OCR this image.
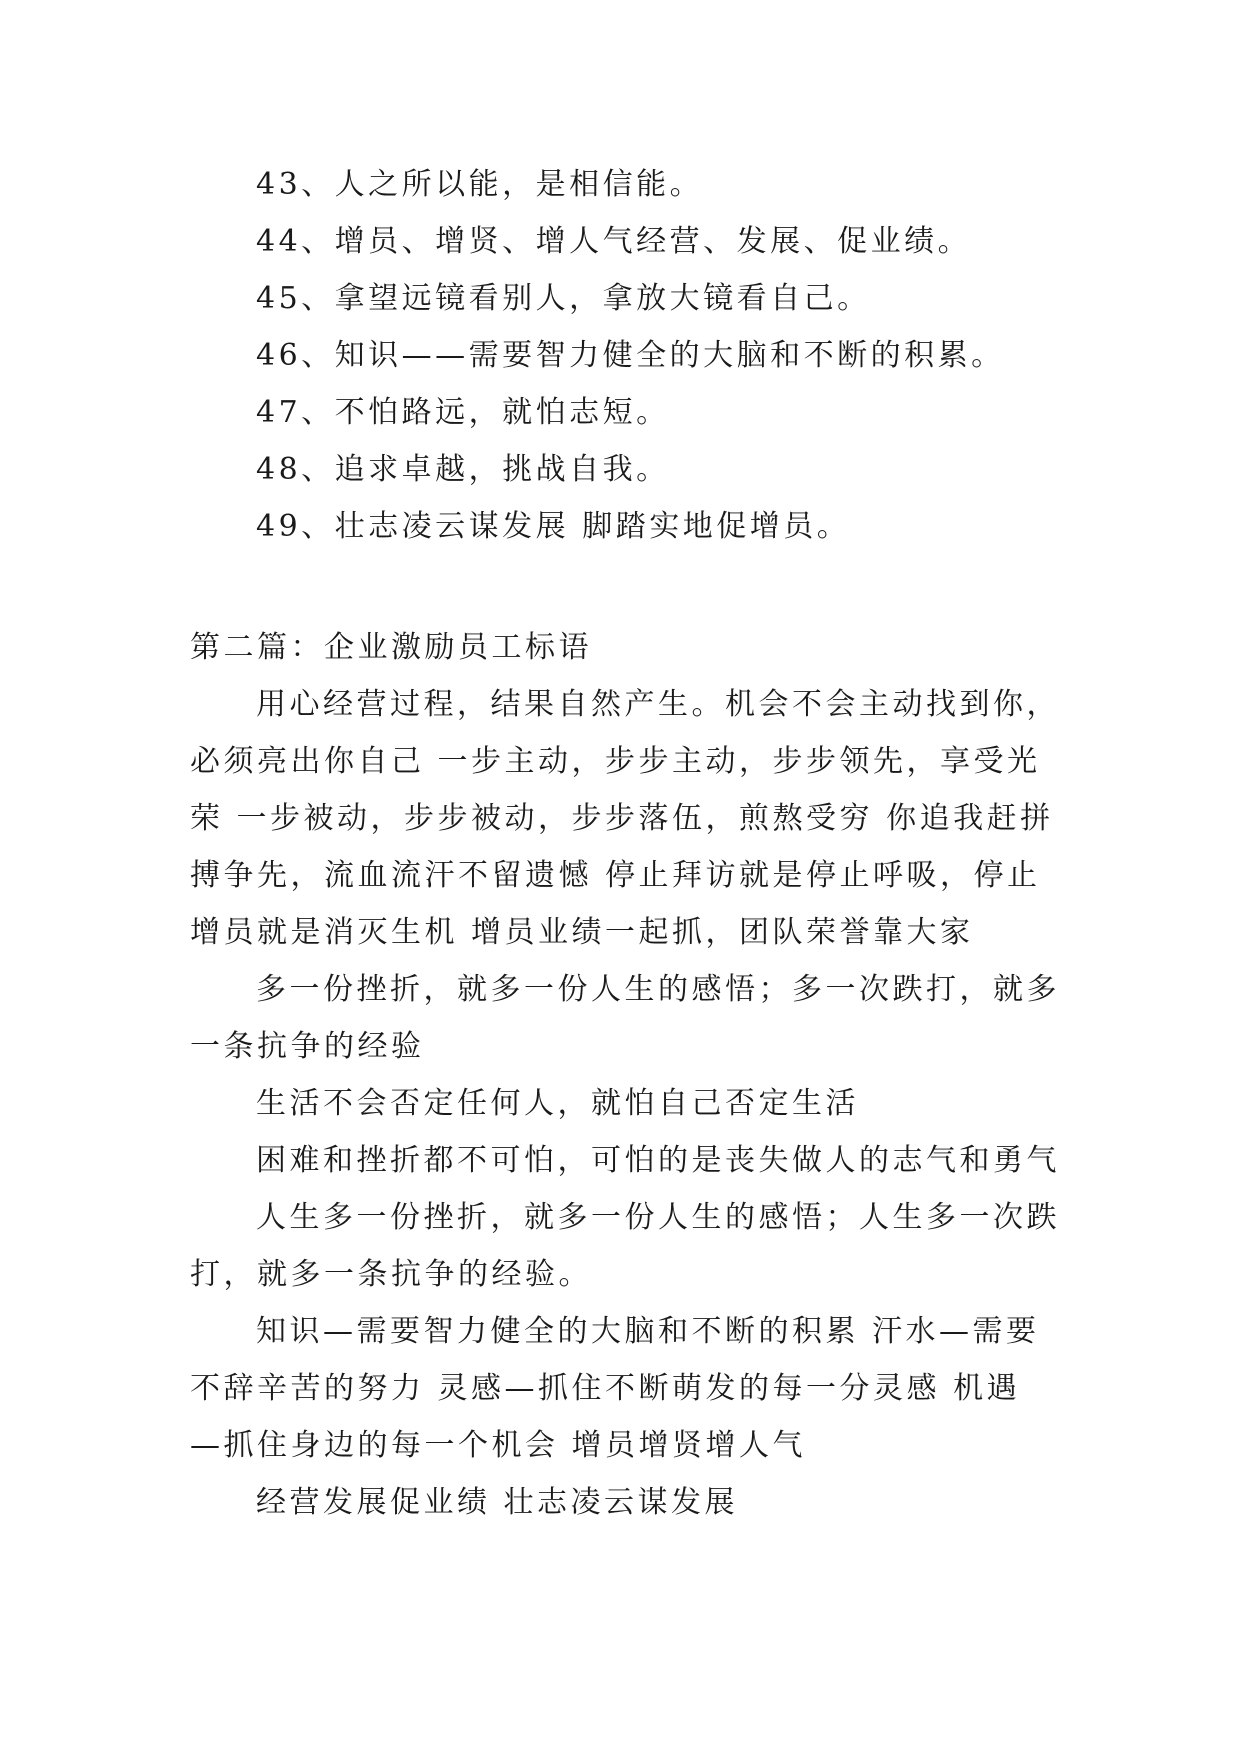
43、人之所以能，是相信能。
44、增员、增贤、增人气经营、发展、促业绩。
45、拿望远镜看别人，拿放大镜看自己。
46、知识——需要智力健全的大脑和不断的积累。
47、不怕路远，就怕志短。
48、追求卓越，挑战自我。
49、壮志凌云谋发展 脚踏实地促增员。
第二篇：企业激励员工标语
用心经营过程，结果自然产生。机会不会主动找到你，
必须亮出你自己 一步主动，步步主动，步步领先，享受光
荣 一步被动，步步被动，步步落伍，煎熬受穷 你追我赶拼
搏争先，流血流汗不留遗憾 停止拜访就是停止呼吸，停止
增员就是消灭生机 增员业绩一起抓，团队荣誉靠大家
多一份挫折，就多一份人生的感悟；多一次跌打，就多
一条抗争的经验
生活不会否定任何人，就怕自己否定生活
困难和挫折都不可怕，可怕的是丧失做人的志气和勇气
人生多一份挫折，就多一份人生的感悟；人生多一次跌
打，就多一条抗争的经验。
知识—需要智力健全的大脑和不断的积累 汗水—需要
不辞辛苦的努力 灵感—抓住不断萌发的每一分灵感 机遇
—抓住身边的每一个机会 增员增贤增人气
经营发展促业绩 壮志凌云谋发展
